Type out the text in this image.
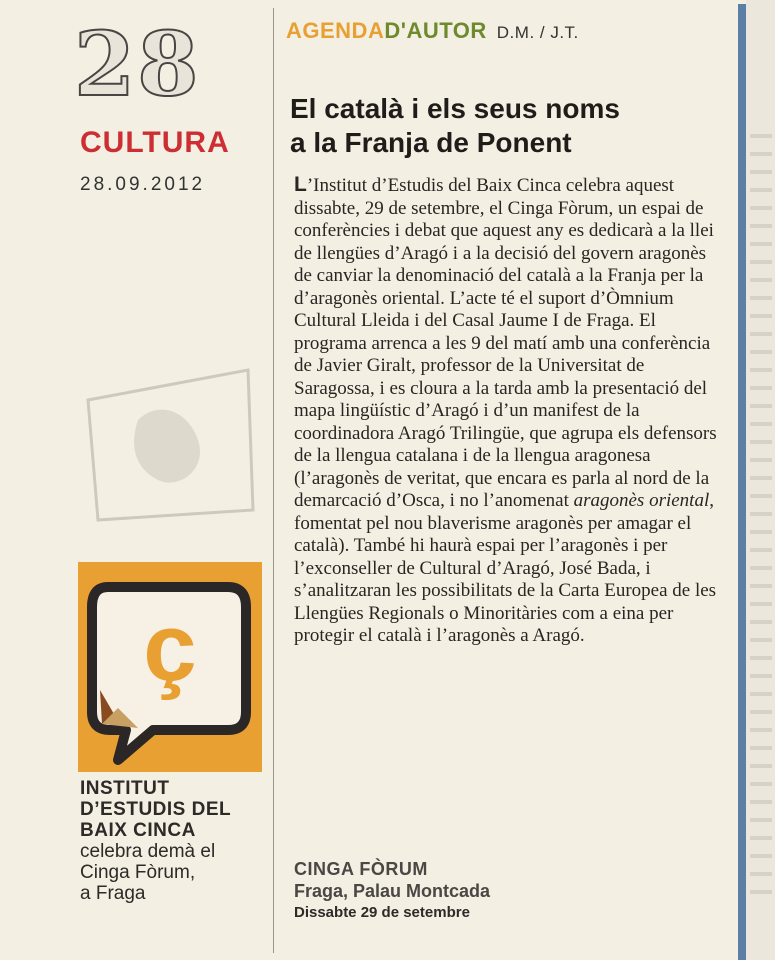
28
CULTURA
28.09.2012
ç
INSTITUT
D’ESTUDIS DEL
BAIX CINCA
celebra demà el
Cinga Fòrum,
a Fraga
AGENDAD'AUTOR D.M. / J.T.
El català i els seus noms
a la Franja de Ponent
L’Institut d’Estudis del Baix Cinca celebra aquest dissabte, 29 de setembre, el Cinga Fòrum, un espai de conferències i debat que aquest any es dedicarà a la llei de llengües d’Aragó i a la decisió del govern aragonès de canviar la denominació del català a la Franja per la d’aragonès oriental. L’acte té el suport d’Òmnium Cultural Lleida i del Casal Jaume I de Fraga. El programa arrenca a les 9 del matí amb una conferència de Javier Giralt, professor de la Universitat de Saragossa, i es cloura a la tarda amb la presentació del mapa lingüístic d’Aragó i d’un manifest de la coordinadora Aragó Trilingüe, que agrupa els defensors de la llengua catalana i de la llengua aragonesa (l’aragonès de veritat, que encara es parla al nord de la demarcació d’Osca, i no l’anomenat aragonès oriental, fomentat pel nou blaverisme aragonès per amagar el català). També hi haurà espai per l’aragonès i per l’exconseller de Cultural d’Aragó, José Bada, i s’analitzaran les possibilitats de la Carta Europea de les Llengües Regionals o Minoritàries com a eina per protegir el català i l’aragonès a Aragó.
CINGA FÒRUM
Fraga, Palau Montcada
Dissabte 29 de setembre
